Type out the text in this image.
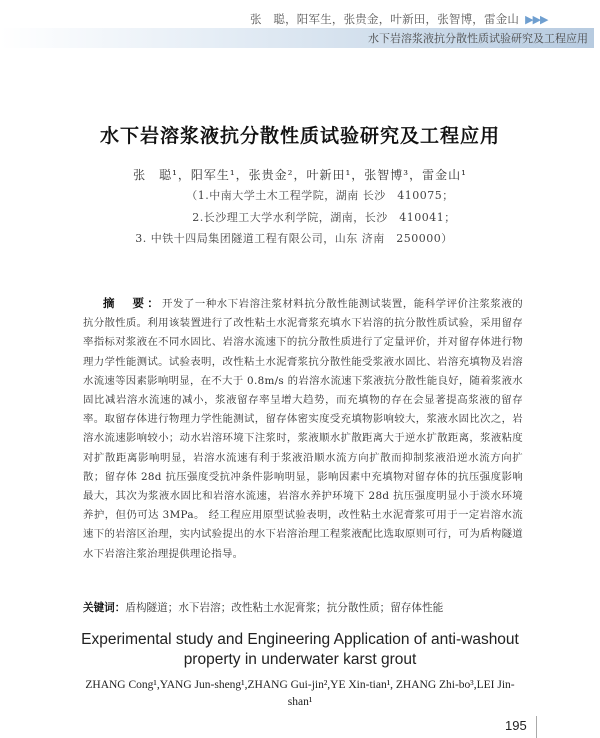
张　聪，阳军生，张贵金，叶新田，张智博，雷金山 ▶▶▶
水下岩溶浆液抗分散性质试验研究及工程应用
水下岩溶浆液抗分散性质试验研究及工程应用
张　聪¹，阳军生¹，张贵金²，叶新田¹，张智博³，雷金山¹
（1.中南大学土木工程学院，湖南 长沙　410075；
2.长沙理工大学水利学院，湖南，长沙　410041；
3. 中铁十四局集团隧道工程有限公司，山东 济南　250000）
摘　要：开发了一种水下岩溶注浆材料抗分散性能测试装置，能科学评价注浆浆液的抗分散性质。利用该装置进行了改性粘土水泥膏浆充填水下岩溶的抗分散性质试验，采用留存率指标对浆液在不同水固比、岩溶水流速下的抗分散性质进行了定量评价，并对留存体进行物理力学性能测试。试验表明，改性粘土水泥膏浆抗分散性能受浆液水固比、岩溶充填物及岩溶水流速等因素影响明显，在不大于 0.8m/s 的岩溶水流速下浆液抗分散性能良好，随着浆液水固比减岩溶水流速的减小，浆液留存率呈增大趋势，而充填物的存在会显著提高浆液的留存率。取留存体进行物理力学性能测试，留存体密实度受充填物影响较大，浆液水固比次之，岩溶水流速影响较小；动水岩溶环境下注浆时，浆液顺水扩散距离大于逆水扩散距离，浆液粘度对扩散距离影响明显，岩溶水流速有利于浆液沿顺水流方向扩散而抑制浆液沿逆水流方向扩散；留存体 28d 抗压强度受抗冲条件影响明显，影响因素中充填物对留存体的抗压强度影响最大，其次为浆液水固比和岩溶水流速，岩溶水养护环境下 28d 抗压强度明显小于淡水环境养护，但仍可达 3MPa。 经工程应用原型试验表明，改性粘土水泥膏浆可用于一定岩溶水流速下的岩溶区治理，实内试验提出的水下岩溶治理工程浆液配比选取原则可行，可为盾构隧道水下岩溶注浆治理提供理论指导。
关键词：盾构隧道；水下岩溶；改性粘土水泥膏浆；抗分散性质；留存体性能
Experimental study and Engineering Application of anti-washout
property in underwater karst grout
ZHANG Cong¹,YANG Jun-sheng¹,ZHANG Gui-jin²,YE Xin-tian¹, ZHANG Zhi-bo³,LEI Jin-shan¹
195
